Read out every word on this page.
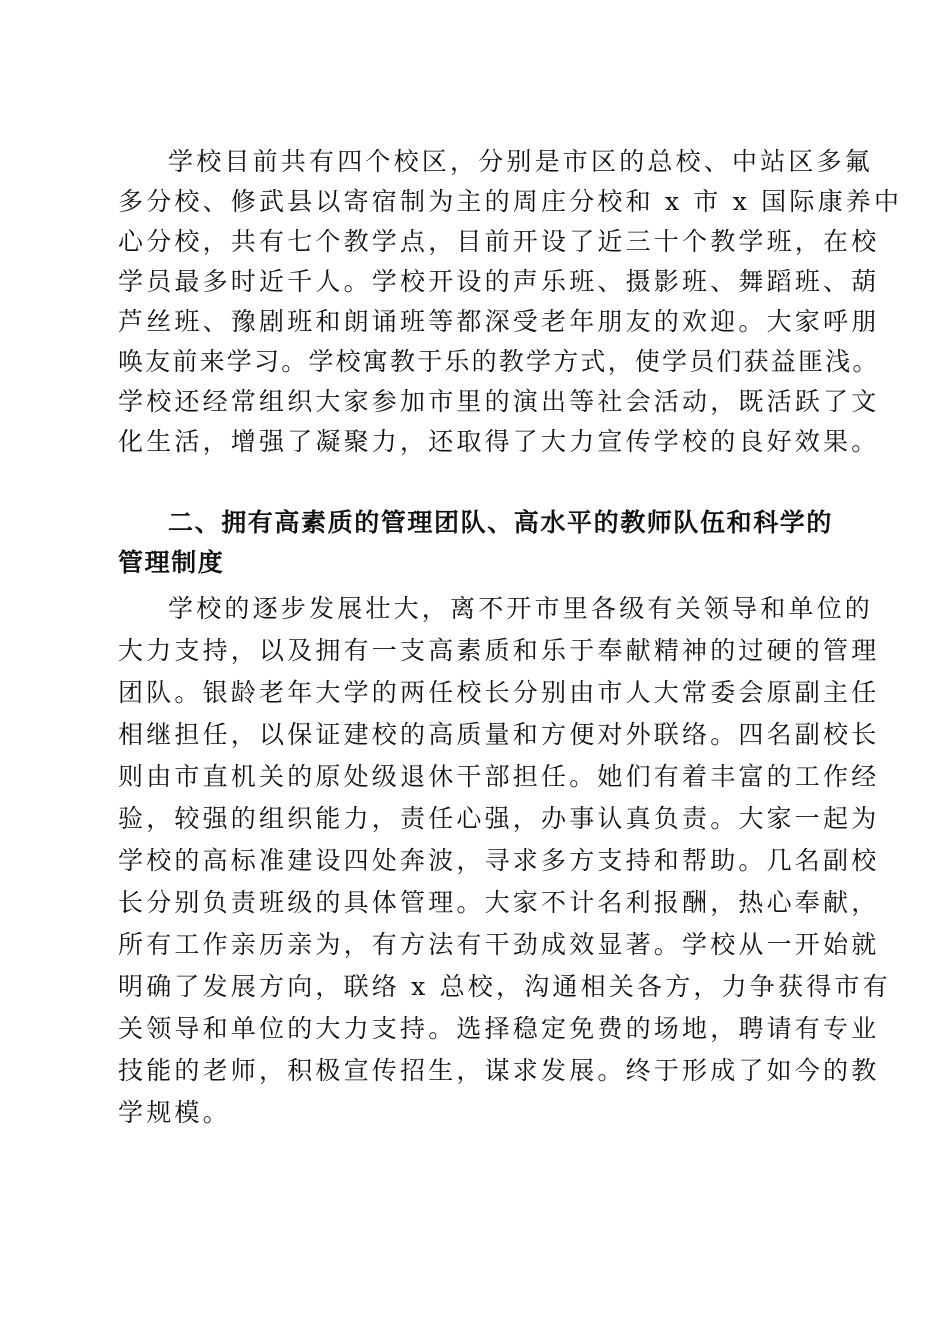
学校目前共有四个校区，分别是市区的总校、中站区多氟
多分校、修武县以寄宿制为主的周庄分校和 x 市 x 国际康养中
心分校，共有七个教学点，目前开设了近三十个教学班，在校
学员最多时近千人。学校开设的声乐班、摄影班、舞蹈班、葫
芦丝班、豫剧班和朗诵班等都深受老年朋友的欢迎。大家呼朋
唤友前来学习。学校寓教于乐的教学方式，使学员们获益匪浅。
学校还经常组织大家参加市里的演出等社会活动，既活跃了文
化生活，增强了凝聚力，还取得了大力宣传学校的良好效果。
二、拥有高素质的管理团队、高水平的教师队伍和科学的
管理制度
学校的逐步发展壮大，离不开市里各级有关领导和单位的
大力支持，以及拥有一支高素质和乐于奉献精神的过硬的管理
团队。银龄老年大学的两任校长分别由市人大常委会原副主任
相继担任，以保证建校的高质量和方便对外联络。四名副校长
则由市直机关的原处级退休干部担任。她们有着丰富的工作经
验，较强的组织能力，责任心强，办事认真负责。大家一起为
学校的高标准建设四处奔波，寻求多方支持和帮助。几名副校
长分别负责班级的具体管理。大家不计名利报酬，热心奉献，
所有工作亲历亲为，有方法有干劲成效显著。学校从一开始就
明确了发展方向，联络 x 总校，沟通相关各方，力争获得市有
关领导和单位的大力支持。选择稳定免费的场地，聘请有专业
技能的老师，积极宣传招生，谋求发展。终于形成了如今的教
学规模。
